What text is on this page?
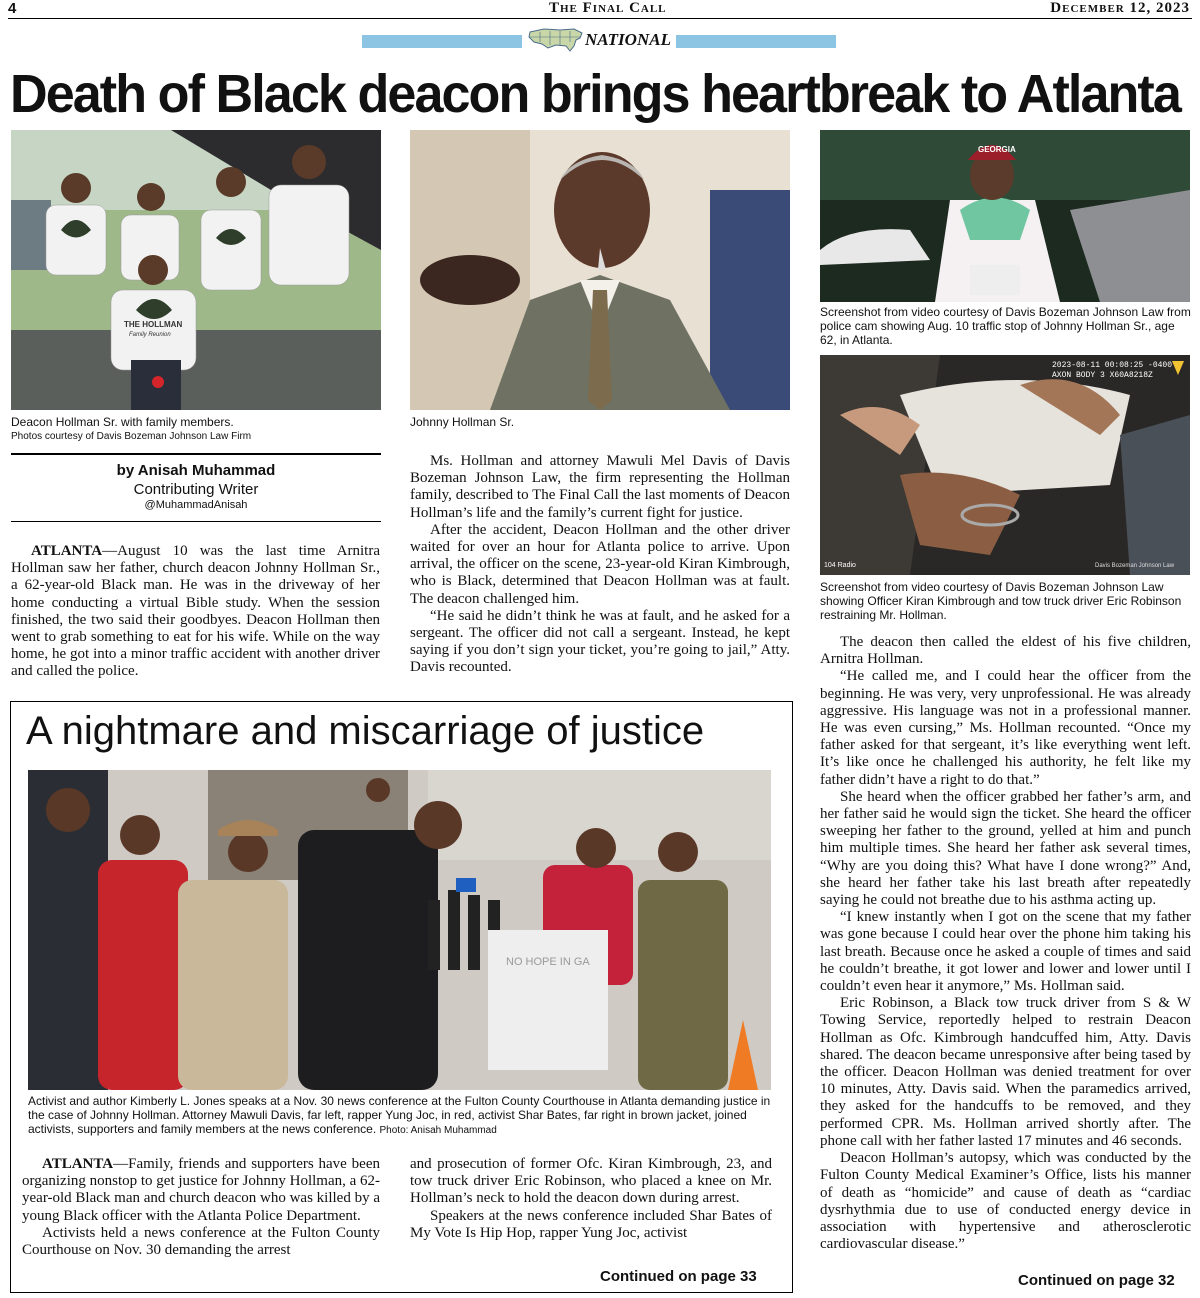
4	The Final Call	December 12, 2023
NATIONAL
Death of Black deacon brings heartbreak to Atlanta
THE HOLLMAN
Family Reunion
Deacon Hollman Sr. with family members.
Photos courtesy of Davis Bozeman Johnson Law Firm
Johnny Hollman Sr.
GEORGIA
Screenshot from video courtesy of Davis Bozeman Johnson Law from police cam showing Aug. 10 traffic stop of Johnny Hollman Sr., age 62, in Atlanta.
2023-08-11 00:08:25 -0400
AXON BODY 3 X60A8218Z
104 Radio	Davis Bozeman Johnson Law
Screenshot from video courtesy of Davis Bozeman Johnson Law showing Officer Kiran Kimbrough and tow truck driver Eric Robinson restraining Mr. Hollman.
by Anisah Muhammad
Contributing Writer
@MuhammadAnisah

ATLANTA—August 10 was the last time Arnitra Hollman saw her father, church deacon Johnny Hollman Sr., a 62-year-old Black man. He was in the driveway of her home conducting a virtual Bible study. When the session finished, the two said their goodbyes. Deacon Hollman then went to grab something to eat for his wife. While on the way home, he got into a minor traffic accident with another driver and called the police.

Ms. Hollman and attorney Mawuli Mel Davis of Davis Bozeman Johnson Law, the firm representing the Hollman family, described to The Final Call the last moments of Deacon Hollman’s life and the family’s current fight for justice.

After the accident, Deacon Hollman and the other driver waited for over an hour for Atlanta police to arrive. Upon arrival, the officer on the scene, 23-year-old Kiran Kimbrough, who is Black, determined that Deacon Hollman was at fault. The deacon challenged him.

“He said he didn’t think he was at fault, and he asked for a sergeant. The officer did not call a sergeant. Instead, he kept saying if you don’t sign your ticket, you’re going to jail,” Atty. Davis recounted.

The deacon then called the eldest of his five children, Arnitra Hollman.

“He called me, and I could hear the officer from the beginning. He was very, very unprofessional. He was already aggressive. His language was not in a professional manner. He was even cursing,” Ms. Hollman recounted. “Once my father asked for that sergeant, it’s like everything went left. It’s like once he challenged his authority, he felt like my father didn’t have a right to do that.”

She heard when the officer grabbed her father’s arm, and her father said he would sign the ticket. She heard the officer sweeping her father to the ground, yelled at him and punch him multiple times. She heard her father ask several times, “Why are you doing this? What have I done wrong?” And, she heard her father take his last breath after repeatedly saying he could not breathe due to his asthma acting up.

“I knew instantly when I got on the scene that my father was gone because I could hear over the phone him taking his last breath. Because once he asked a couple of times and said he couldn’t breathe, it got lower and lower and lower until I couldn’t even hear it anymore,” Ms. Hollman said.

Eric Robinson, a Black tow truck driver from S & W Towing Service, reportedly helped to restrain Deacon Hollman as Ofc. Kimbrough handcuffed him, Atty. Davis shared. The deacon became unresponsive after being tased by the officer. Deacon Hollman was denied treatment for over 10 minutes, Atty. Davis said. When the paramedics arrived, they asked for the handcuffs to be removed, and they performed CPR. Ms. Hollman arrived shortly after. The phone call with her father lasted 17 minutes and 46 seconds.

Deacon Hollman’s autopsy, which was conducted by the Fulton County Medical Examiner’s Office, lists his manner of death as “homicide” and cause of death as “cardiac dysrhythmia due to use of conducted energy device in association with hypertensive and atherosclerotic cardiovascular disease.”

Continued on page 32
A nightmare and miscarriage of justice
NO HOPE IN GA
Activist and author Kimberly L. Jones speaks at a Nov. 30 news conference at the Fulton County Courthouse in Atlanta demanding justice in the case of Johnny Hollman. Attorney Mawuli Davis, far left, rapper Yung Joc, in red, activist Shar Bates, far right in brown jacket, joined activists, supporters and family members at the news conference. Photo: Anisah Muhammad

ATLANTA—Family, friends and supporters have been organizing nonstop to get justice for Johnny Hollman, a 62-year-old Black man and church deacon who was killed by a young Black officer with the Atlanta Police Department.

Activists held a news conference at the Fulton County Courthouse on Nov. 30 demanding the arrest

and prosecution of former Ofc. Kiran Kimbrough, 23, and tow truck driver Eric Robinson, who placed a knee on Mr. Hollman’s neck to hold the deacon down during arrest.

Speakers at the news conference included Shar Bates of My Vote Is Hip Hop, rapper Yung Joc, activist

Continued on page 33
